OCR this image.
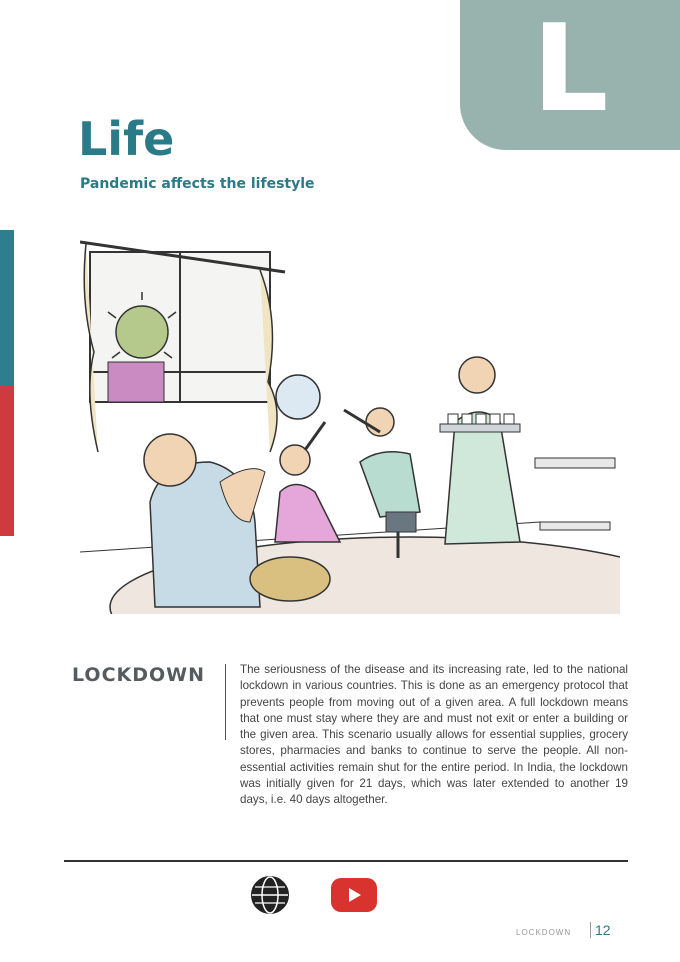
L
Life
Pandemic affects the lifestyle
LOCKDOWN	The seriousness of the disease and its increasing rate, led to the national lockdown in various countries. This is done as an emergency protocol that prevents people from moving out of a given area. A full lockdown means that one must stay where they are and must not exit or enter a building or the given area. This scenario usually allows for essential supplies, grocery stores, pharmacies and banks to continue to serve the people. All non-essential activities remain shut for the entire period. In India, the lockdown was initially given for 21 days, which was later extended to another 19 days, i.e. 40 days altogether.

LOCKDOWN	12
